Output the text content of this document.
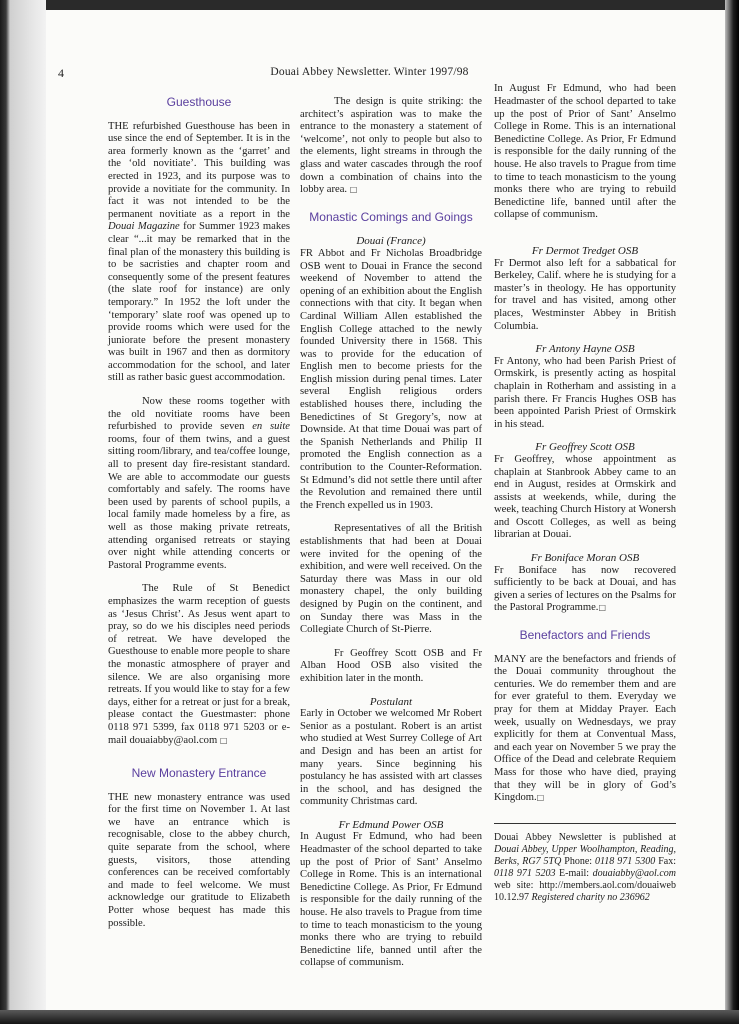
4	Douai Abbey Newsletter. Winter 1997/98
Guesthouse

THE refurbished Guesthouse has been in use since the end of September. It is in the area formerly known as the ‘garret’ and the ‘old novitiate’. This building was erected in 1923, and its purpose was to provide a novitiate for the community. In fact it was not intended to be the permanent novitiate as a report in the Douai Magazine for Summer 1923 makes clear “...it may be remarked that in the final plan of the monastery this building is to be sacristies and chapter room and consequently some of the present features (the slate roof for instance) are only temporary.” In 1952 the loft under the ‘temporary’ slate roof was opened up to provide rooms which were used for the juniorate before the present monastery was built in 1967 and then as dormitory accommodation for the school, and later still as rather basic guest accommodation.

Now these rooms together with the old novitiate rooms have been refurbished to provide seven en suite rooms, four of them twins, and a guest sitting room/library, and tea/coffee lounge, all to present day fire-resistant standard. We are able to accommodate our guests comfortably and safely. The rooms have been used by parents of school pupils, a local family made homeless by a fire, as well as those making private retreats, attending organised retreats or staying over night while attending concerts or Pastoral Programme events.

The Rule of St Benedict emphasizes the warm reception of guests as ‘Jesus Christ’. As Jesus went apart to pray, so do we his disciples need periods of retreat. We have developed the Guesthouse to enable more people to share the monastic atmosphere of prayer and silence. We are also organising more retreats. If you would like to stay for a few days, either for a retreat or just for a break, please contact the Guestmaster: phone 0118 971 5399, fax 0118 971 5203 or e-mail douaiabby@aol.com □

New Monastery Entrance

THE new monastery entrance was used for the first time on November 1. At last we have an entrance which is recognisable, close to the abbey church, quite separate from the school, where guests, visitors, those attending conferences can be received comfortably and made to feel welcome. We must acknowledge our gratitude to Elizabeth Potter whose bequest has made this possible.

The design is quite striking: the architect’s aspiration was to make the entrance to the monastery a statement of ‘welcome’, not only to people but also to the elements, light streams in through the glass and water cascades through the roof down a combination of chains into the lobby area. □

Monastic Comings and Goings

Douai (France)

FR Abbot and Fr Nicholas Broadbridge OSB went to Douai in France the second weekend of November to attend the opening of an exhibition about the English connections with that city. It began when Cardinal William Allen established the English College attached to the newly founded University there in 1568. This was to provide for the education of English men to become priests for the English mission during penal times. Later several English religious orders established houses there, including the Benedictines of St Gregory’s, now at Downside. At that time Douai was part of the Spanish Netherlands and Philip II promoted the English connection as a contribution to the Counter-Reformation. St Edmund’s did not settle there until after the Revolution and remained there until the French expelled us in 1903.

Representatives of all the British establishments that had been at Douai were invited for the opening of the exhibition, and were well received. On the Saturday there was Mass in our old monastery chapel, the only building designed by Pugin on the continent, and on Sunday there was Mass in the Collegiate Church of St-Pierre.

Fr Geoffrey Scott OSB and Fr Alban Hood OSB also visited the exhibition later in the month.

Postulant

Early in October we welcomed Mr Robert Senior as a postulant. Robert is an artist who studied at West Surrey College of Art and Design and has been an artist for many years. Since beginning his postulancy he has assisted with art classes in the school, and has designed the community Christmas card.

Fr Edmund Power OSB

In August Fr Edmund, who had been Headmaster of the school departed to take up the post of Prior of Sant’ Anselmo College in Rome. This is an international Benedictine College. As Prior, Fr Edmund is responsible for the daily running of the house. He also travels to Prague from time to time to teach monasticism to the young monks there who are trying to rebuild Benedictine life, banned until after the collapse of communism.

In August Fr Edmund, who had been Headmaster of the school departed to take up the post of Prior of Sant’ Anselmo College in Rome. This is an international Benedictine College. As Prior, Fr Edmund is responsible for the daily running of the house. He also travels to Prague from time to time to teach monasticism to the young monks there who are trying to rebuild Benedictine life, banned until after the collapse of communism.

Fr Dermot Tredget OSB

Fr Dermot also left for a sabbatical for Berkeley, Calif. where he is studying for a master’s in theology. He has opportunity for travel and has visited, among other places, Westminster Abbey in British Columbia.

Fr Antony Hayne OSB

Fr Antony, who had been Parish Priest of Ormskirk, is presently acting as hospital chaplain in Rotherham and assisting in a parish there. Fr Francis Hughes OSB has been appointed Parish Priest of Ormskirk in his stead.

Fr Geoffrey Scott OSB

Fr Geoffrey, whose appointment as chaplain at Stanbrook Abbey came to an end in August, resides at Ormskirk and assists at weekends, while, during the week, teaching Church History at Wonersh and Oscott Colleges, as well as being librarian at Douai.

Fr Boniface Moran OSB

Fr Boniface has now recovered sufficiently to be back at Douai, and has given a series of lectures on the Psalms for the Pastoral Programme.□

Benefactors and Friends

MANY are the benefactors and friends of the Douai community throughout the centuries. We do remember them and are for ever grateful to them. Everyday we pray for them at Midday Prayer. Each week, usually on Wednesdays, we pray explicitly for them at Conventual Mass, and each year on November 5 we pray the Office of the Dead and celebrate Requiem Mass for those who have died, praying that they will be in glory of God’s Kingdom.□

Douai Abbey Newsletter is published at Douai Abbey, Upper Woolhampton, Reading, Berks, RG7 5TQ Phone: 0118 971 5300 Fax: 0118 971 5203 E-mail: douaiabby@aol.com web site: http://members.aol.com/douaiweb 10.12.97 Registered charity no 236962
